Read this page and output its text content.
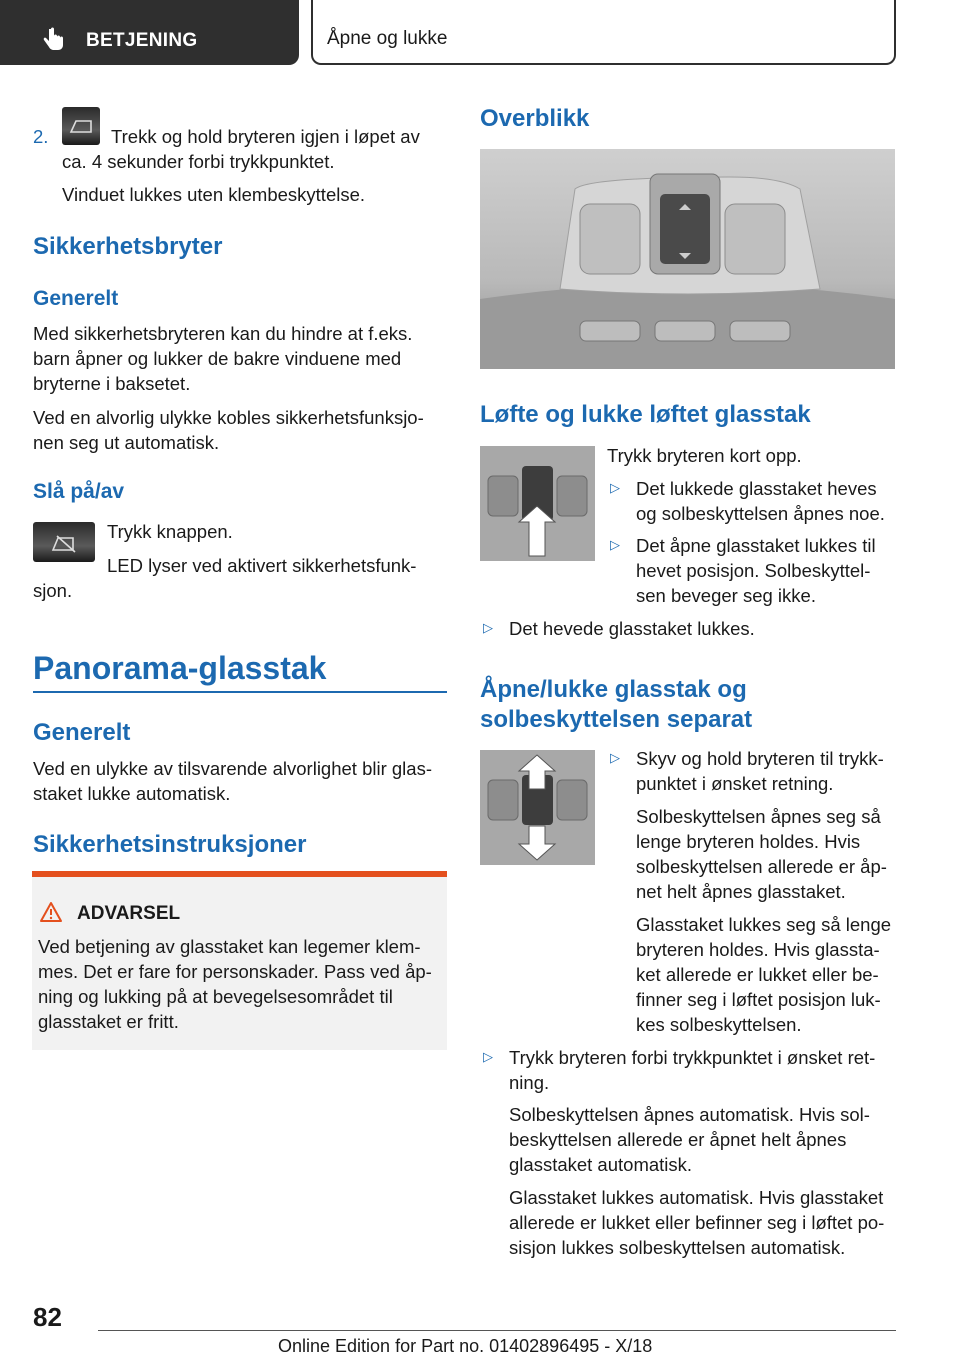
BETJENING	Åpne og lukke
2.	Trekk og hold bryteren igjen i løpet av
ca. 4 sekunder forbi trykkpunktet.
Vinduet lukkes uten klembeskyttelse.
Sikkerhetsbryter
Generelt
Med sikkerhetsbryteren kan du hindre at f.eks.
barn åpner og lukker de bakre vinduene med
bryterne i baksetet.
Ved en alvorlig ulykke kobles sikkerhetsfunksjo-
nen seg ut automatisk.
Slå på/av
Trykk knappen.
LED lyser ved aktivert sikkerhetsfunk-
sjon.
Panorama-glasstak
Generelt
Ved en ulykke av tilsvarende alvorlighet blir glas-
staket lukke automatisk.
Sikkerhetsinstruksjoner
ADVARSEL
Ved betjening av glasstaket kan legemer klem-
mes. Det er fare for personskader. Pass ved åp-
ning og lukking på at bevegelsesområdet til
glasstaket er fritt.
Overblikk
Løfte og lukke løftet glasstak
Trykk bryteren kort opp.
▷ Det lukkede glasstaket heves
og solbeskyttelsen åpnes noe.
▷ Det åpne glasstaket lukkes til
hevet posisjon. Solbeskyttel-
sen beveger seg ikke.
▷ Det hevede glasstaket lukkes.
Åpne/lukke glasstak og
solbeskyttelsen separat
▷ Skyv og hold bryteren til trykk-
punktet i ønsket retning.
Solbeskyttelsen åpnes seg så
lenge bryteren holdes. Hvis
solbeskyttelsen allerede er åp-
net helt åpnes glasstaket.
Glasstaket lukkes seg så lenge
bryteren holdes. Hvis glassta-
ket allerede er lukket eller be-
finner seg i løftet posisjon luk-
kes solbeskyttelsen.
▷ Trykk bryteren forbi trykkpunktet i ønsket ret-
ning.
Solbeskyttelsen åpnes automatisk. Hvis sol-
beskyttelsen allerede er åpnet helt åpnes
glasstaket automatisk.
Glasstaket lukkes automatisk. Hvis glasstaket
allerede er lukket eller befinner seg i løftet po-
sisjon lukkes solbeskyttelsen automatisk.
82
Online Edition for Part no. 01402896495 - X/18
